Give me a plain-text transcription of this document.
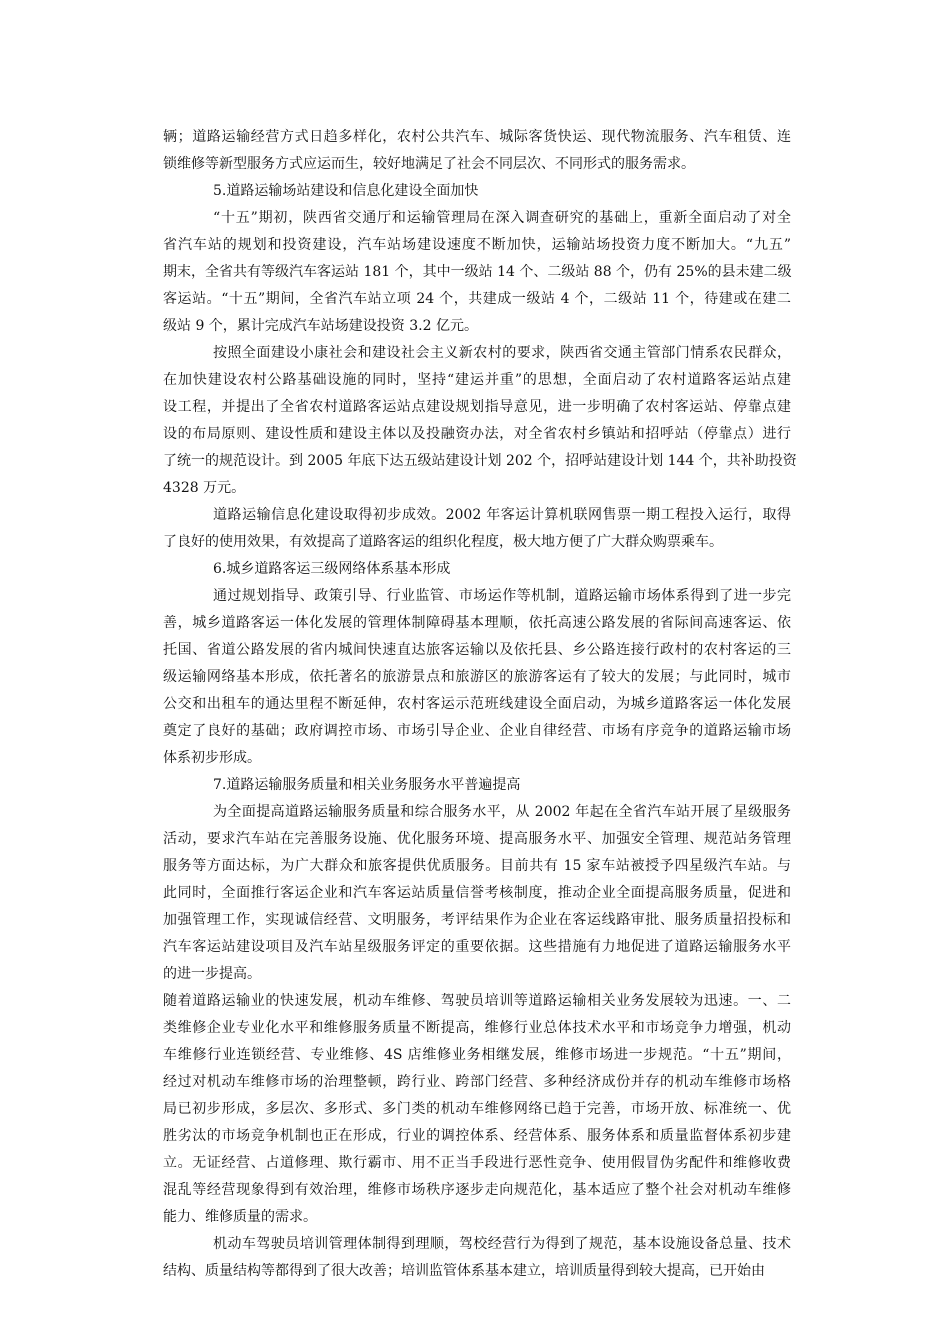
辆；道路运输经营方式日趋多样化，农村公共汽车、城际客货快运、现代物流服务、汽车租赁、连
锁维修等新型服务方式应运而生，较好地满足了社会不同层次、不同形式的服务需求。
5.道路运输场站建设和信息化建设全面加快
“十五”期初，陕西省交通厅和运输管理局在深入调查研究的基础上，重新全面启动了对全
省汽车站的规划和投资建设，汽车站场建设速度不断加快，运输站场投资力度不断加大。“九五”
期末，全省共有等级汽车客运站 181 个，其中一级站 14 个、二级站 88 个，仍有 25%的县未建二级
客运站。“十五”期间，全省汽车站立项 24 个，共建成一级站 4 个，二级站 11 个，待建或在建二
级站 9 个，累计完成汽车站场建设投资 3.2 亿元。
按照全面建设小康社会和建设社会主义新农村的要求，陕西省交通主管部门情系农民群众，
在加快建设农村公路基础设施的同时，坚持“建运并重”的思想，全面启动了农村道路客运站点建
设工程，并提出了全省农村道路客运站点建设规划指导意见，进一步明确了农村客运站、停靠点建
设的布局原则、建设性质和建设主体以及投融资办法，对全省农村乡镇站和招呼站（停靠点）进行
了统一的规范设计。到 2005 年底下达五级站建设计划 202 个，招呼站建设计划 144 个，共补助投资
4328 万元。
道路运输信息化建设取得初步成效。2002 年客运计算机联网售票一期工程投入运行，取得
了良好的使用效果，有效提高了道路客运的组织化程度，极大地方便了广大群众购票乘车。
6.城乡道路客运三级网络体系基本形成
通过规划指导、政策引导、行业监管、市场运作等机制，道路运输市场体系得到了进一步完
善，城乡道路客运一体化发展的管理体制障碍基本理顺，依托高速公路发展的省际间高速客运、依
托国、省道公路发展的省内城间快速直达旅客运输以及依托县、乡公路连接行政村的农村客运的三
级运输网络基本形成，依托著名的旅游景点和旅游区的旅游客运有了较大的发展；与此同时，城市
公交和出租车的通达里程不断延伸，农村客运示范班线建设全面启动，为城乡道路客运一体化发展
奠定了良好的基础；政府调控市场、市场引导企业、企业自律经营、市场有序竞争的道路运输市场
体系初步形成。
7.道路运输服务质量和相关业务服务水平普遍提高
为全面提高道路运输服务质量和综合服务水平，从 2002 年起在全省汽车站开展了星级服务
活动，要求汽车站在完善服务设施、优化服务环境、提高服务水平、加强安全管理、规范站务管理
服务等方面达标，为广大群众和旅客提供优质服务。目前共有 15 家车站被授予四星级汽车站。与
此同时，全面推行客运企业和汽车客运站质量信誉考核制度，推动企业全面提高服务质量，促进和
加强管理工作，实现诚信经营、文明服务，考评结果作为企业在客运线路审批、服务质量招投标和
汽车客运站建设项目及汽车站星级服务评定的重要依据。这些措施有力地促进了道路运输服务水平
的进一步提高。
随着道路运输业的快速发展，机动车维修、驾驶员培训等道路运输相关业务发展较为迅速。一、二
类维修企业专业化水平和维修服务质量不断提高，维修行业总体技术水平和市场竞争力增强，机动
车维修行业连锁经营、专业维修、4S 店维修业务相继发展，维修市场进一步规范。“十五”期间，
经过对机动车维修市场的治理整顿，跨行业、跨部门经营、多种经济成份并存的机动车维修市场格
局已初步形成，多层次、多形式、多门类的机动车维修网络已趋于完善，市场开放、标准统一、优
胜劣汰的市场竞争机制也正在形成，行业的调控体系、经营体系、服务体系和质量监督体系初步建
立。无证经营、占道修理、欺行霸市、用不正当手段进行恶性竞争、使用假冒伪劣配件和维修收费
混乱等经营现象得到有效治理，维修市场秩序逐步走向规范化，基本适应了整个社会对机动车维修
能力、维修质量的需求。
机动车驾驶员培训管理体制得到理顺，驾校经营行为得到了规范，基本设施设备总量、技术
结构、质量结构等都得到了很大改善；培训监管体系基本建立，培训质量得到较大提高，已开始由
